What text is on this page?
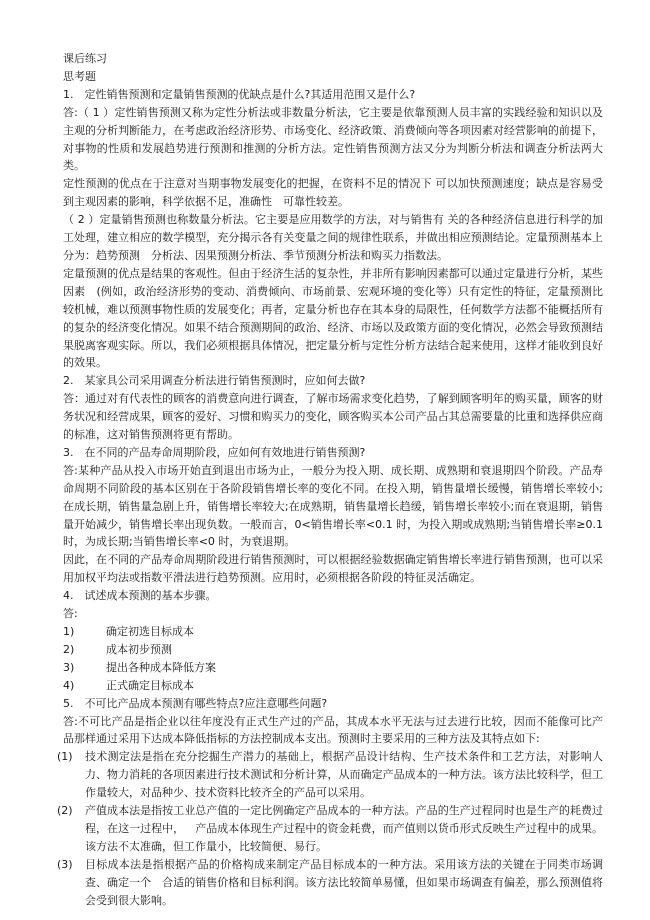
课后练习

思考题

1. 定性销售预测和定量销售预测的优缺点是什么?其适用范围又是什么?

答:（ 1 ）定性销售预测又称为定性分析法或非数量分析法，它主要是依靠预测人员丰富的实践经验和知识以及主观的分析判断能力，在考虑政治经济形势、市场变化、经济政策、消费倾向等各项因素对经营影响的前提下，对事物的性质和发展趋势进行预测和推测的分析方法。定性销售预测方法又分为判断分析法和调查分析法两大类。

定性预测的优点在于注意对当期事物发展变化的把握，在资料不足的情况下 可以加快预测速度；缺点是容易受到主观因素的影响，科学依据不足，准确性　可靠性较差。

（ 2 ）定量销售预测也称数量分析法。它主要是应用数学的方法，对与销售有 关的各种经济信息进行科学的加工处理，建立相应的数学模型，充分揭示各有关变量之间的规律性联系，并做出相应预测结论。定量预测基本上分为：趋势预测　分析法、因果预测分析法、季节预测分析法和购买力指数法。

定量预测的优点是结果的客观性。但由于经济生活的复杂性，并非所有影响因素都可以通过定量进行分析，某些因素　(例如，政治经济形势的变动、消费倾向、市场前景、宏观环境的变化等）只有定性的特征，定量预测比较机械，难以预测事物性质的发展变化；再者，定量分析也存在其本身的局限性，任何数学方法都不能概括所有的复杂的经济变化情况。如果不结合预测期间的政治、经济、市场以及政策方面的变化情况，必然会导致预测结果脱离客观实际。所以，我们必须根据具体情况，把定量分析与定性分析方法结合起来使用，这样才能收到良好的效果。

2. 某家具公司采用调查分析法进行销售预测时，应如何去做?

答：通过对有代表性的顾客的消费意向进行调查，了解市场需求变化趋势，了解到顾客明年的购买量，顾客的财务状况和经营成果，顾客的爱好、习惯和购买力的变化，顾客购买本公司产品占其总需要量的比重和选择供应商的标准，这对销售预测将更有帮助。

3. 在不同的产品寿命周期阶段，应如何有效地进行销售预测?

答:某种产品从投入市场开始直到退出市场为止，一般分为投入期、成长期、成熟期和衰退期四个阶段。产品寿命周期不同阶段的基本区别在于各阶段销售增长率的变化不同。在投入期，销售量增长缓慢，销售增长率较小;在成长期，销售量急剧上升，销售增长率较大;在成熟期，销售量增长趋缓，销售增长率较小;而在衰退期，销售量开始减少，销售增长率出现负数。一般而言，0<销售增长率<0.1 时，为投入期或成熟期;当销售增长率≥0.1 时，为成长期;当销售增长率<0 时，为衰退期。

因此，在不同的产品寿命周期阶段进行销售预测时，可以根据经验数据确定销售增长率进行销售预测，也可以采用加权平均法或指数平滑法进行趋势预测。应用时，必须根据各阶段的特征灵活确定。

4. 试述成本预测的基本步骤。

答:

1)	确定初选目标成本
2)	成本初步预测
3)	提出各种成本降低方案
4)	正式确定目标成本

5. 不可比产品成本预测有哪些特点?应注意哪些问题?

答:不可比产品是指企业以往年度没有正式生产过的产品，其成本水平无法与过去进行比较，因而不能像可比产品那样通过采用下达成本降低指标的方法控制成本支出。预测时主要采用的三种方法及其特点如下:

(1) 技术测定法是指在充分挖掘生产潜力的基础上，根据产品设计结构、生产技术条件和工艺方法，对影响人力、物力消耗的各项因素进行技术测试和分析计算，从而确定产品成本的一种方法。该方法比较科学，但工作量较大，对品种少、技术资料比较齐全的产品可以采用。
(2) 产值成本法是指按工业总产值的一定比例确定产品成本的一种方法。产品的生产过程同时也是生产的耗费过程，在这一过程中， 产品成本体现生产过程中的资金耗费，而产值则以货币形式反映生产过程中的成果。该方法不太准确，但工作量小，比较简便、易行。
(3) 目标成本法是指根据产品的价格构成来制定产品目标成本的一种方法。采用该方法的关键在于同类市场调查、确定一个　合适的销售价格和目标利润。该方法比较简单易懂，但如果市场调查有偏差，那么预测值将会受到很大影响。
